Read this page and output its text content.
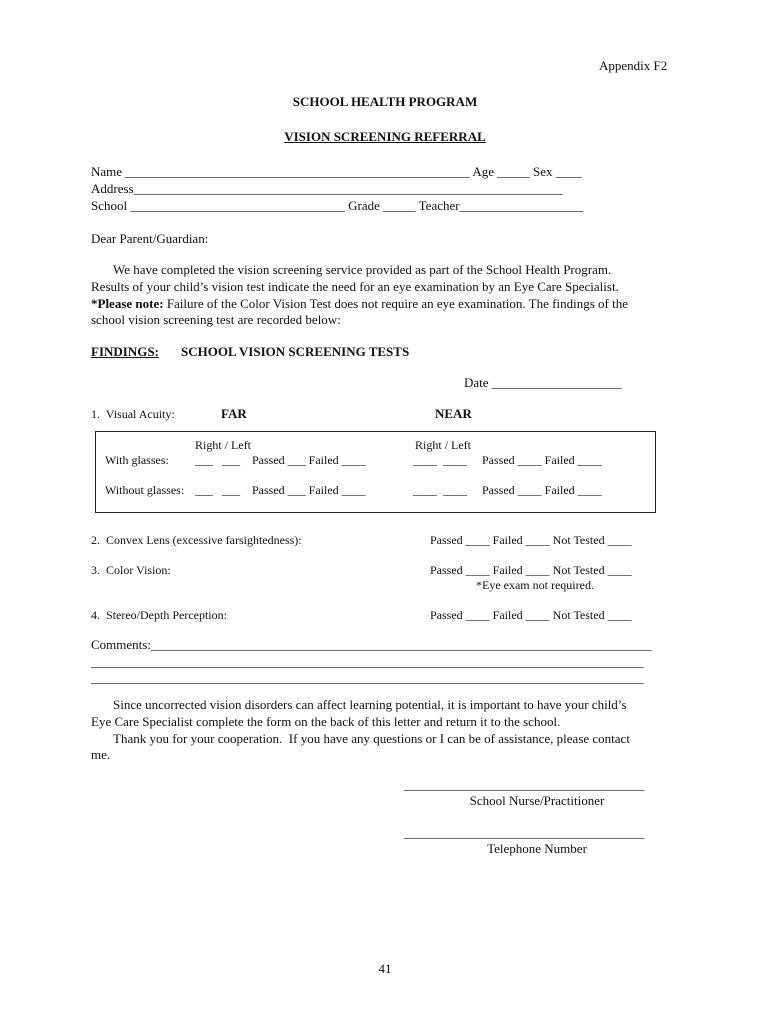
Appendix F2
SCHOOL HEALTH PROGRAM
VISION SCREENING REFERRAL
Name _____________________________________________________ Age _____ Sex ____
Address__________________________________________________________________
School _________________________________ Grade _____ Teacher___________________
Dear Parent/Guardian:
We have completed the vision screening service provided as part of the School Health Program.
Results of your child’s vision test indicate the need for an eye examination by an Eye Care Specialist.
*Please note: Failure of the Color Vision Test does not require an eye examination. The findings of the
school vision screening test are recorded below:
FINDINGS: SCHOOL VISION SCREENING TESTS
Date ____________________
1.  Visual Acuity:	FAR	NEAR
Right / Left	Right / Left
With glasses: ___   ___    Passed ___ Failed ____	____  ____     Passed ____ Failed ____
Without glasses: ___   ___    Passed ___ Failed ____	____  ____     Passed ____ Failed ____
2.  Convex Lens (excessive farsightedness):	Passed ____ Failed ____ Not Tested ____
3.  Color Vision:	Passed ____ Failed ____ Not Tested ____
*Eye exam not required.
4.  Stereo/Depth Perception:	Passed ____ Failed ____ Not Tested ____
Comments:_____________________________________________________________________________
_____________________________________________________________________________________
_____________________________________________________________________________________
Since uncorrected vision disorders can affect learning potential, it is important to have your child’s
Eye Care Specialist complete the form on the back of this letter and return it to the school.
Thank you for your cooperation.  If you have any questions or I can be of assistance, please contact
me.
_____________________________________
School Nurse/Practitioner
_____________________________________
Telephone Number
41
